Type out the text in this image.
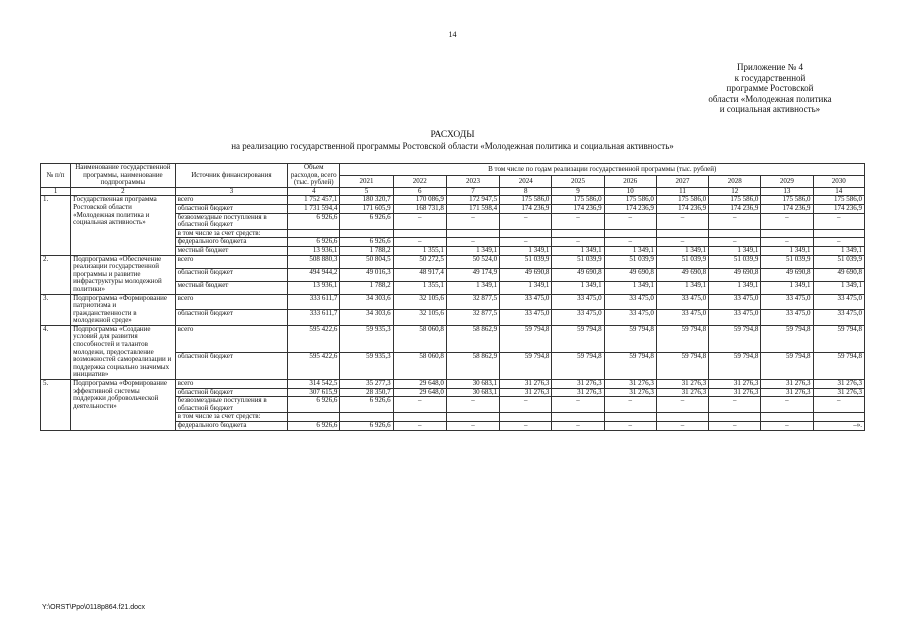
14
Приложение № 4
к государственной
программе Ростовской
области «Молодежная политика
и социальная активность»
РАСХОДЫ
на реализацию государственной программы Ростовской области «Молодежная политика и социальная активность»
№ п/п	Наименование государственной программы, наименование подпрограммы	Источник финансирования	Объем расходов, всего (тыс. рублей)	В том числе по годам реализации государственной программы (тыс. рублей)									
				2021	2022	2023	2024	2025	2026	2027	2028	2029	2030
1	2	3	4	5	6	7	8	9	10	11	12	13	14
1.	Государственная программа Ростовской области «Молодежная политика и социальная активность»	всего	1 752 457,1	180 320,7	170 086,9	172 947,5	175 586,0	175 586,0	175 586,0	175 586,0	175 586,0	175 586,0	175 586,0
		областной бюджет	1 731 594,4	171 605,9	168 731,8	171 598,4	174 236,9	174 236,9	174 236,9	174 236,9	174 236,9	174 236,9	174 236,9
		безвозмездные поступления в областной бюджет	6 926,6	6 926,6	–	–	–	–	–	–	–	–	–
		в том числе за счет средств:											
		федерального бюджета	6 926,6	6 926,6	–	–	–	–	–	–	–	–	–
		местный бюджет	13 936,1	1 788,2	1 355,1	1 349,1	1 349,1	1 349,1	1 349,1	1 349,1	1 349,1	1 349,1	1 349,1
2.	Подпрограмма «Обеспечение реализации государственной программы и развитие инфраструктуры молодежной политики»	всего	508 880,3	50 804,5	50 272,5	50 524,0	51 039,9	51 039,9	51 039,9	51 039,9	51 039,9	51 039,9	51 039,9
		областной бюджет	494 944,2	49 016,3	48 917,4	49 174,9	49 690,8	49 690,8	49 690,8	49 690,8	49 690,8	49 690,8	49 690,8
		местный бюджет	13 936,1	1 788,2	1 355,1	1 349,1	1 349,1	1 349,1	1 349,1	1 349,1	1 349,1	1 349,1	1 349,1
3.	Подпрограмма «Формирование патриотизма и гражданственности в молодежной среде»	всего	333 611,7	34 303,6	32 105,6	32 877,5	33 475,0	33 475,0	33 475,0	33 475,0	33 475,0	33 475,0	33 475,0
		областной бюджет	333 611,7	34 303,6	32 105,6	32 877,5	33 475,0	33 475,0	33 475,0	33 475,0	33 475,0	33 475,0	33 475,0
4.	Подпрограмма «Создание условий для развития способностей и талантов молодежи, предоставление возможностей самореализации и поддержка социально значимых инициатив»	всего	595 422,6	59 935,3	58 060,8	58 862,9	59 794,8	59 794,8	59 794,8	59 794,8	59 794,8	59 794,8	59 794,8
		областной бюджет	595 422,6	59 935,3	58 060,8	58 862,9	59 794,8	59 794,8	59 794,8	59 794,8	59 794,8	59 794,8	59 794,8
5.	Подпрограмма «Формирование эффективной системы поддержки добровольческой деятельности»	всего	314 542,5	35 277,3	29 648,0	30 683,1	31 276,3	31 276,3	31 276,3	31 276,3	31 276,3	31 276,3	31 276,3
		областной бюджет	307 615,9	28 350,7	29 648,0	30 683,1	31 276,3	31 276,3	31 276,3	31 276,3	31 276,3	31 276,3	31 276,3
		безвозмездные поступления в областной бюджет	6 926,6	6 926,6	–	–	–	–	–	–	–	–	–
		в том числе за счет средств:											
		федерального бюджета	6 926,6	6 926,6	–	–	–	–	–	–	–	–	–».
Y:\ORST\Ppo\0118p864.f21.docx
